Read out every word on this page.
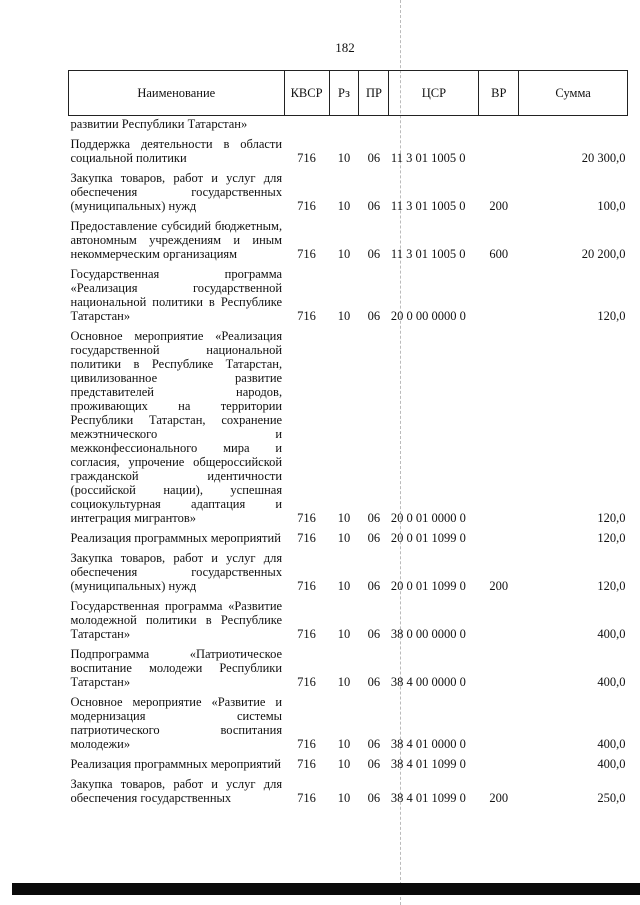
182
Наименование	КВСР	Рз	ПР	ЦСР	ВР	Сумма
развитии Республики Татарстан»						
Поддержка деятельности в области социальной политики	716	10	06	11 3 01 1005 0		20 300,0
Закупка товаров, работ и услуг для обеспечения государственных (муниципальных) нужд	716	10	06	11 3 01 1005 0	200	100,0
Предоставление субсидий бюджетным, автономным учреждениям и иным некоммерческим организациям	716	10	06	11 3 01 1005 0	600	20 200,0
Государственная программа «Реализация государственной национальной политики в Республике Татарстан»	716	10	06	20 0 00 0000 0		120,0
Основное мероприятие «Реализация государственной национальной политики в Республике Татарстан, цивилизованное развитие представителей народов, проживающих на территории Республики Татарстан, сохранение межэтнического и межконфессионального мира и согласия, упрочение общероссийской гражданской идентичности (российской нации), успешная социокультурная адаптация и интеграция мигрантов»	716	10	06	20 0 01 0000 0		120,0
Реализация программных мероприятий	716	10	06	20 0 01 1099 0		120,0
Закупка товаров, работ и услуг для обеспечения государственных (муниципальных) нужд	716	10	06	20 0 01 1099 0	200	120,0
Государственная программа «Развитие молодежной политики в Республике Татарстан»	716	10	06	38 0 00 0000 0		400,0
Подпрограмма «Патриотическое воспитание молодежи Республики Татарстан»	716	10	06	38 4 00 0000 0		400,0
Основное мероприятие «Развитие и модернизация системы патриотического воспитания молодежи»	716	10	06	38 4 01 0000 0		400,0
Реализация программных мероприятий	716	10	06	38 4 01 1099 0		400,0
Закупка товаров, работ и услуг для обеспечения государственных	716	10	06	38 4 01 1099 0	200	250,0
